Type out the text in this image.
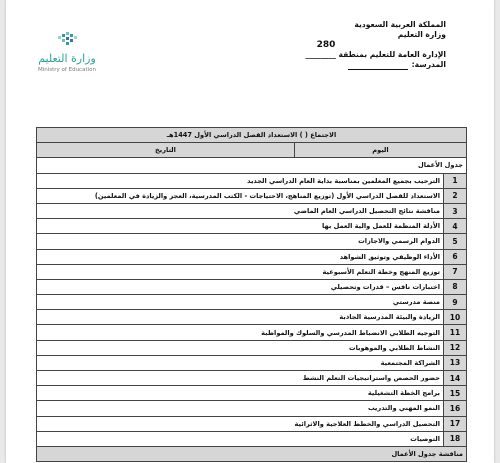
وزارة التعليم
Ministry of Education
المملكة العربية السعودية
وزارة التعليم
280
الإدارة العامة للتعليم بمنطقة ________
المدرسة:
الاجتماع ( ) الاستعداد الفصل الدراسي الأول 1447هـ

اليوم	التاريخ

جدول الأعمال
1	الترحيب بجميع المعلمين بمناسبة بداية العام الدراسي الجديد
2	الاستعداد للفصل الدراسي الأول (توزيع المناهج، الاحتياجات - الكتب المدرسية، العجز والزيادة في المعلمين)
3	مناقشة نتائج التحصيل الدراسي العام الماضي
4	الأدلة المنظمة للعمل والية العمل بها
5	الدوام الرسمي والاجازات
6	الأداء الوظيفي وتوثيق الشواهد
7	توزيع المنهج وخطة التعلم الأسبوعية
8	اختبارات نافس – قدرات وتحصيلي
9	منصة مدرستي
10	الريادة والبيئة المدرسية الجاذبة
11	التوجيه الطلابي الانضباط المدرسي والسلوك والمواظبة
12	النشاط الطلابي والموهوبات
13	الشراكة المجتمعية
14	حضور الحصص واستراتيجيات التعلم النشط
15	برامج الخطة التشغيلية
16	النمو المهني والتدريب
17	التحصيل الدراسي والخطط العلاجية والاثرائية
18	التوصيات
مناقشة جدول الأعمال
